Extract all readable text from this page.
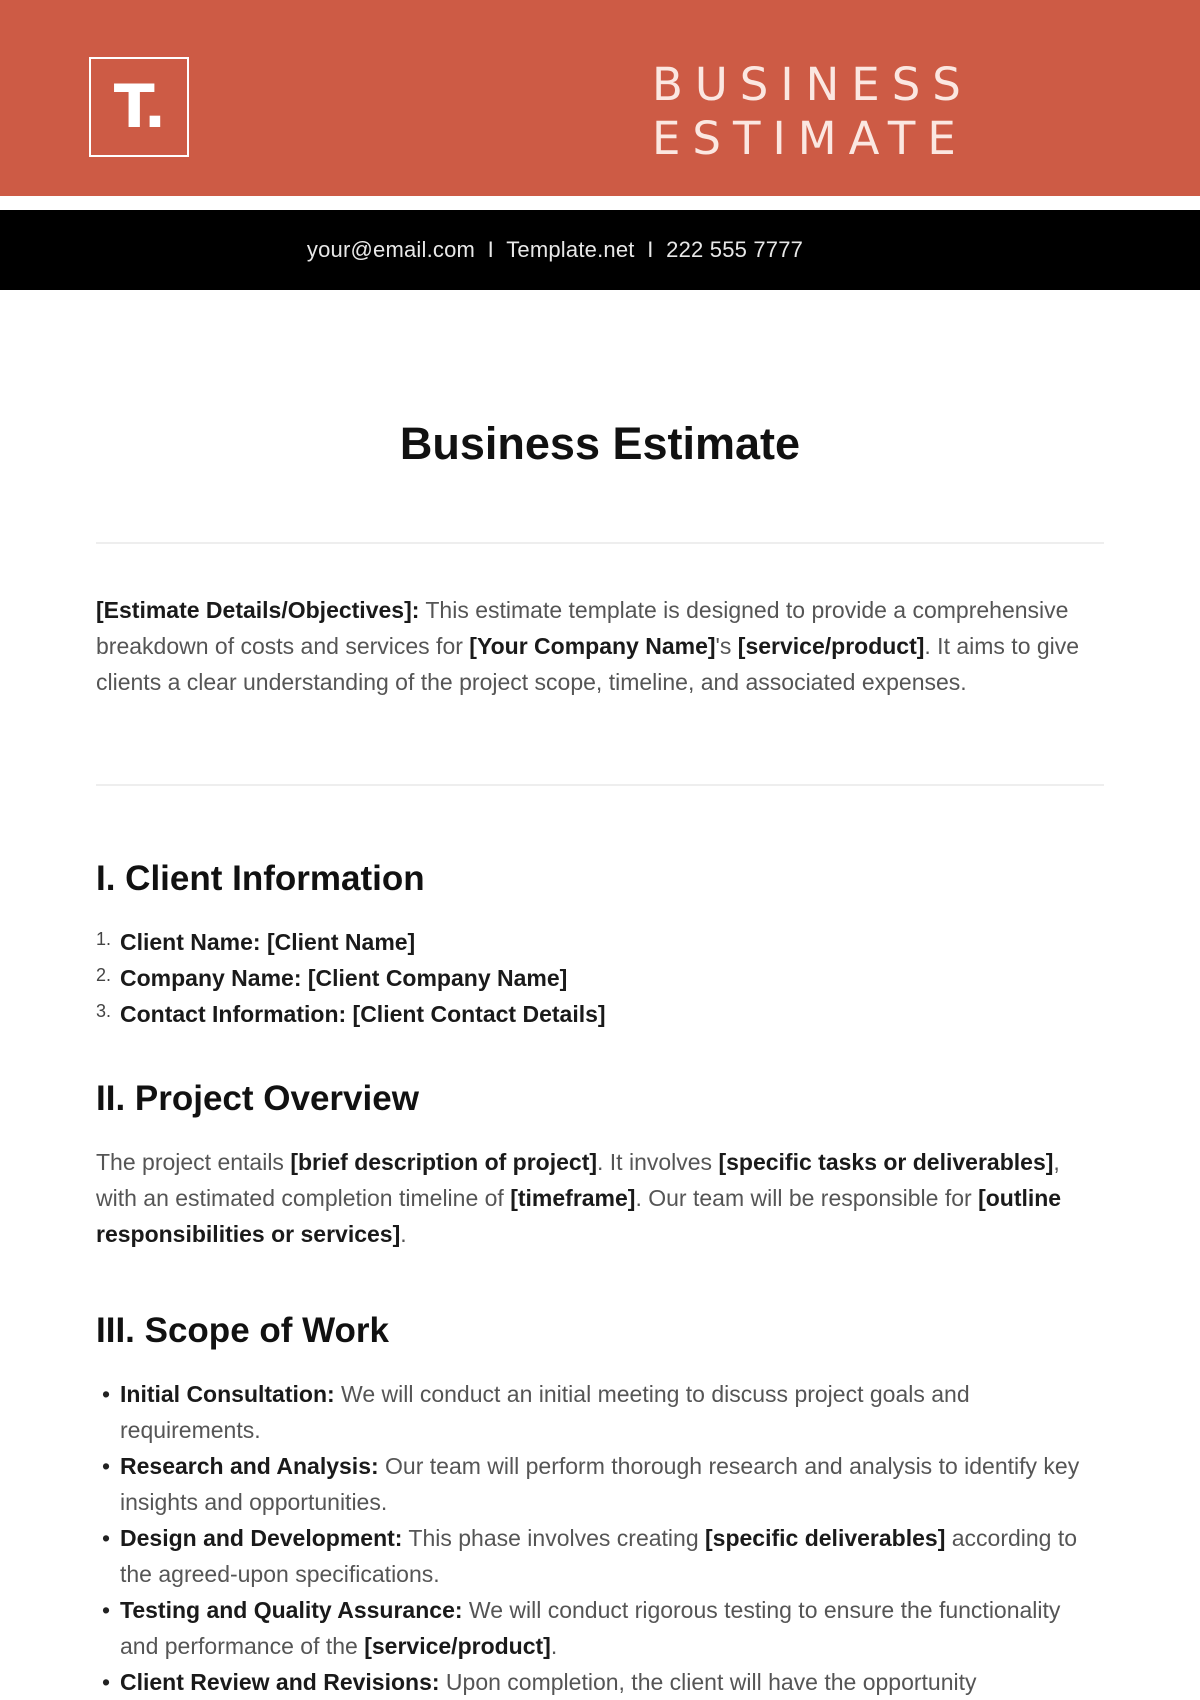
T.	BUSINESS
ESTIMATE
your@email.com  I  Template.net  I  222 555 7777
Business Estimate

[Estimate Details/Objectives]: This estimate template is designed to provide a comprehensive breakdown of costs and services for [Your Company Name]'s [service/product]. It aims to give clients a clear understanding of the project scope, timeline, and associated expenses.

I. Client Information
1. Client Name: [Client Name]
2. Company Name: [Client Company Name]
3. Contact Information: [Client Contact Details]
II. Project Overview

The project entails [brief description of project]. It involves [specific tasks or deliverables], with an estimated completion timeline of [timeframe]. Our team will be responsible for [outline responsibilities or services].

III. Scope of Work
• Initial Consultation: We will conduct an initial meeting to discuss project goals and requirements.
• Research and Analysis: Our team will perform thorough research and analysis to identify key insights and opportunities.
• Design and Development: This phase involves creating [specific deliverables] according to the agreed-upon specifications.
• Testing and Quality Assurance: We will conduct rigorous testing to ensure the functionality and performance of the [service/product].
• Client Review and Revisions: Upon completion, the client will have the opportunity
